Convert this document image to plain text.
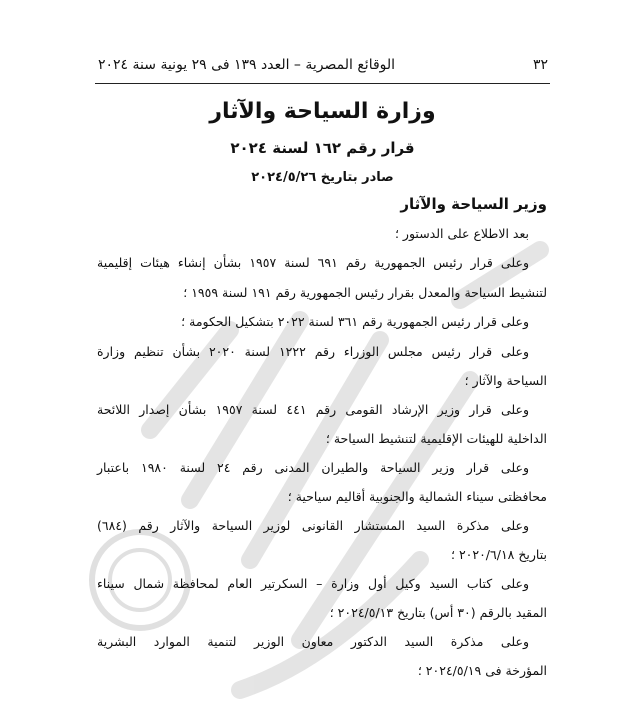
٣٢
الوقائع المصرية – العدد ١٣٩ فى ٢٩ يونية سنة ٢٠٢٤
وزارة السياحة والآثار
قرار رقم ١٦٢ لسنة ٢٠٢٤
صادر بتاريخ ٢٠٢٤/٥/٢٦
وزير السياحة والآثار
بعد الاطلاع على الدستور ؛
وعلى قرار رئيس الجمهورية رقم ٦٩١ لسنة ١٩٥٧ بشأن إنشاء هيئات إقليمية
لتنشيط السياحة والمعدل بقرار رئيس الجمهورية رقم ١٩١ لسنة ١٩٥٩ ؛
وعلى قرار رئيس الجمهورية رقم ٣٦١ لسنة ٢٠٢٢ بتشكيل الحكومة ؛
وعلى قرار رئيس مجلس الوزراء رقم ١٢٢٢ لسنة ٢٠٢٠ بشأن تنظيم وزارة
السياحة والآثار ؛
وعلى قرار وزير الإرشاد القومى رقم ٤٤١ لسنة ١٩٥٧ بشأن إصدار اللائحة
الداخلية للهيئات الإقليمية لتنشيط السياحة ؛
وعلى قرار وزير السياحة والطيران المدنى رقم ٢٤ لسنة ١٩٨٠ باعتبار
محافظتى سيناء الشمالية والجنوبية أقاليم سياحية ؛
وعلى مذكرة السيد المستشار القانونى لوزير السياحة والآثار رقم (٦٨٤)
بتاريخ ٢٠٢٠/٦/١٨ ؛
وعلى كتاب السيد وكيل أول وزارة – السكرتير العام لمحافظة شمال سيناء
المقيد بالرقم (٣٠ أس) بتاريخ ٢٠٢٤/٥/١٣ ؛
وعلى مذكرة السيد الدكتور معاون الوزير لتنمية الموارد البشرية
المؤرخة فى ٢٠٢٤/٥/١٩ ؛
